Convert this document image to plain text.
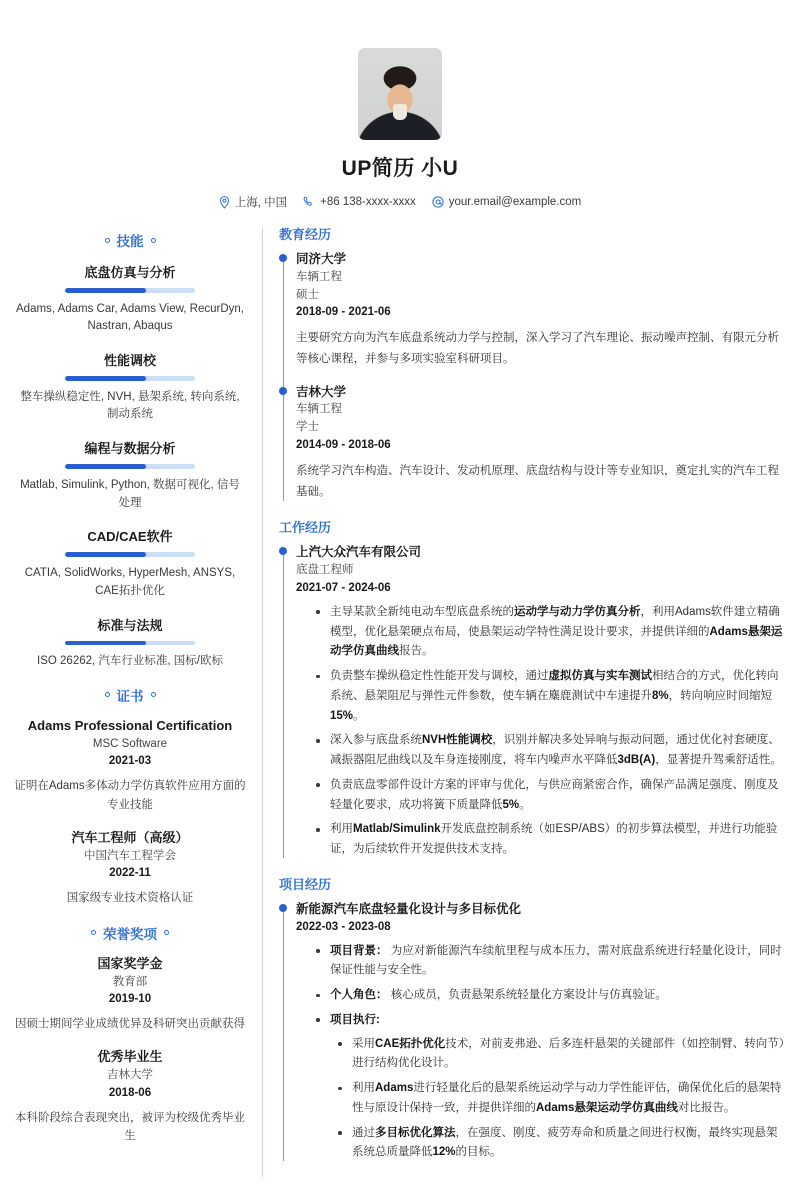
UP简历 小U
上海, 中国	+86 138-xxxx-xxxx	your.email@example.com
技能
底盘仿真与分析
Adams, Adams Car, Adams View, RecurDyn, Nastran, Abaqus
性能调校
整车操纵稳定性, NVH, 悬架系统, 转向系统, 制动系统
编程与数据分析
Matlab, Simulink, Python, 数据可视化, 信号处理
CAD/CAE软件
CATIA, SolidWorks, HyperMesh, ANSYS, CAE拓扑优化
标准与法规
ISO 26262, 汽车行业标准, 国标/欧标
证书
Adams Professional Certification
MSC Software
2021-03
证明在Adams多体动力学仿真软件应用方面的专业技能
汽车工程师（高级）
中国汽车工程学会
2022-11
国家级专业技术资格认证
荣誉奖项
国家奖学金
教育部
2019-10
因硕士期间学业成绩优异及科研突出贡献获得
优秀毕业生
吉林大学
2018-06
本科阶段综合表现突出，被评为校级优秀毕业生
教育经历
同济大学
车辆工程
硕士
2018-09 - 2021-06
主要研究方向为汽车底盘系统动力学与控制，深入学习了汽车理论、振动噪声控制、有限元分析等核心课程，并参与多项实验室科研项目。
吉林大学
车辆工程
学士
2014-09 - 2018-06
系统学习汽车构造、汽车设计、发动机原理、底盘结构与设计等专业知识，奠定扎实的汽车工程基础。
工作经历
上汽大众汽车有限公司
底盘工程师
2021-07 - 2024-06
主导某款全新纯电动车型底盘系统的运动学与动力学仿真分析，利用Adams软件建立精确模型，优化悬架硬点布局，使悬架运动学特性满足设计要求，并提供详细的Adams悬架运动学仿真曲线报告。
负责整车操纵稳定性性能开发与调校，通过虚拟仿真与实车测试相结合的方式，优化转向系统、悬架阻尼与弹性元件参数，使车辆在麋鹿测试中车速提升8%，转向响应时间缩短15%。
深入参与底盘系统NVH性能调校，识别并解决多处异响与振动问题，通过优化衬套硬度、减振器阻尼曲线以及车身连接刚度，将车内噪声水平降低3dB(A)，显著提升驾乘舒适性。
负责底盘零部件设计方案的评审与优化，与供应商紧密合作，确保产品满足强度、刚度及轻量化要求，成功将簧下质量降低5%。
利用Matlab/Simulink开发底盘控制系统（如ESP/ABS）的初步算法模型，并进行功能验证，为后续软件开发提供技术支持。
项目经历
新能源汽车底盘轻量化设计与多目标优化
2022-03 - 2023-08
项目背景： 为应对新能源汽车续航里程与成本压力，需对底盘系统进行轻量化设计，同时保证性能与安全性。
个人角色： 核心成员，负责悬架系统轻量化方案设计与仿真验证。
项目执行:
采用CAE拓扑优化技术，对前麦弗逊、后多连杆悬架的关键部件（如控制臂、转向节）进行结构优化设计。
利用Adams进行轻量化后的悬架系统运动学与动力学性能评估，确保优化后的悬架特性与原设计保持一致，并提供详细的Adams悬架运动学仿真曲线对比报告。
通过多目标优化算法，在强度、刚度、疲劳寿命和质量之间进行权衡，最终实现悬架系统总质量降低12%的目标。
